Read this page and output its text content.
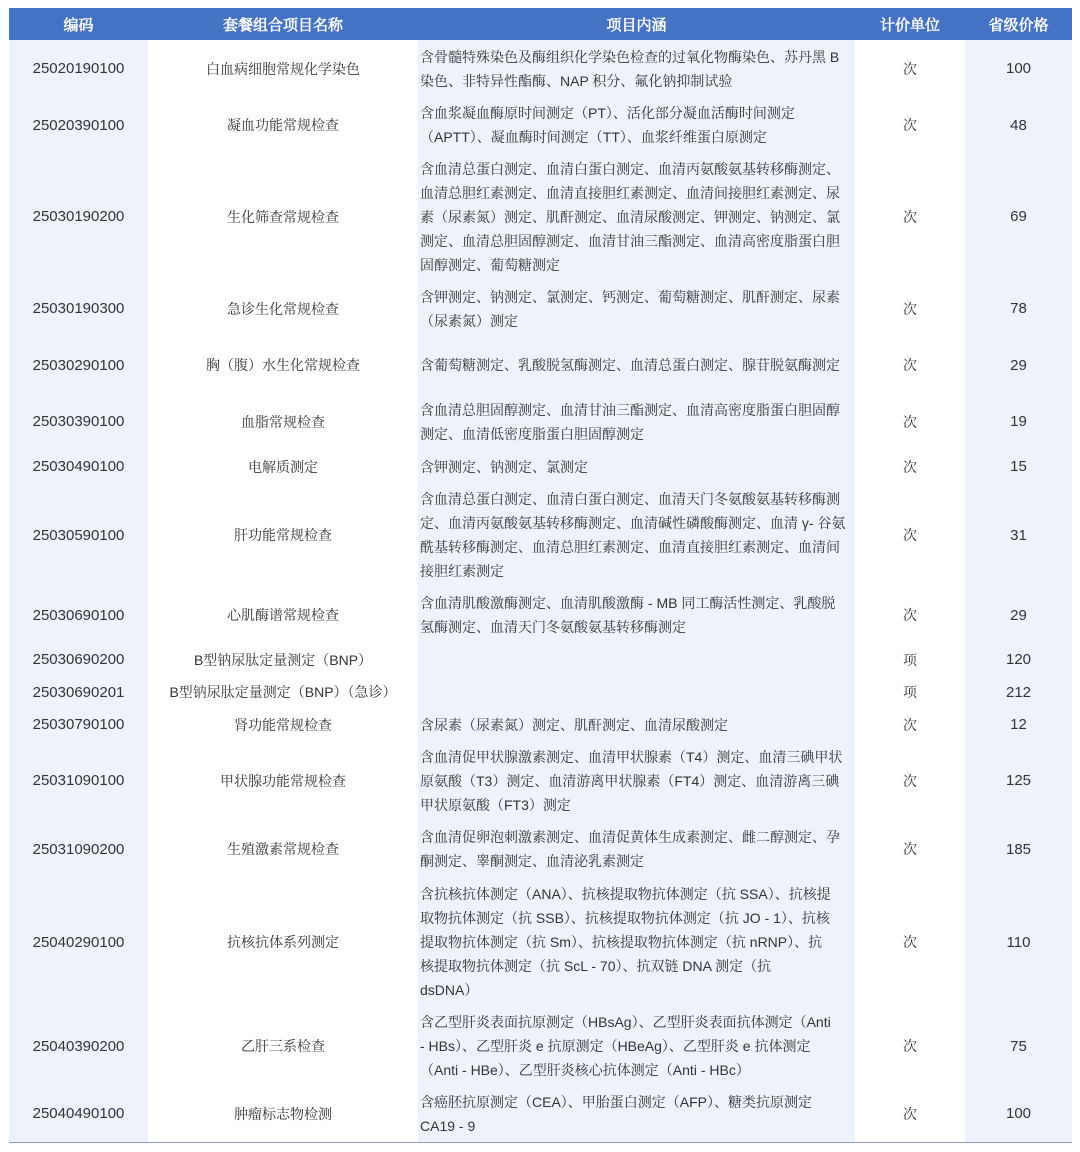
编码	套餐组合项目名称	项目内涵	计价单位	省级价格
25020190100	白血病细胞常规化学染色	含骨髓特殊染色及酶组织化学染色检查的过氧化物酶染色、苏丹黑 B
染色、非特异性酯酶、NAP 积分、氟化钠抑制试验	次	100
25020390100	凝血功能常规检查	含血浆凝血酶原时间测定（PT）、活化部分凝血活酶时间测定
（APTT）、凝血酶时间测定（TT）、血浆纤维蛋白原测定	次	48
25030190200	生化筛查常规检查	含血清总蛋白测定、血清白蛋白测定、血清丙氨酸氨基转移酶测定、
血清总胆红素测定、血清直接胆红素测定、血清间接胆红素测定、尿
素（尿素氮）测定、肌酐测定、血清尿酸测定、钾测定、钠测定、氯
测定、血清总胆固醇测定、血清甘油三酯测定、血清高密度脂蛋白胆
固醇测定、葡萄糖测定	次	69
25030190300	急诊生化常规检查	含钾测定、钠测定、氯测定、钙测定、葡萄糖测定、肌酐测定、尿素
（尿素氮）测定	次	78
25030290100	胸（腹）水生化常规检查	含葡萄糖测定、乳酸脱氢酶测定、血清总蛋白测定、腺苷脱氨酶测定	次	29
25030390100	血脂常规检查	含血清总胆固醇测定、血清甘油三酯测定、血清高密度脂蛋白胆固醇
测定、血清低密度脂蛋白胆固醇测定	次	19
25030490100	电解质测定	含钾测定、钠测定、氯测定	次	15
25030590100	肝功能常规检查	含血清总蛋白测定、血清白蛋白测定、血清天门冬氨酸氨基转移酶测
定、血清丙氨酸氨基转移酶测定、血清碱性磷酸酶测定、血清 γ- 谷氨
酰基转移酶测定、血清总胆红素测定、血清直接胆红素测定、血清间
接胆红素测定	次	31
25030690100	心肌酶谱常规检查	含血清肌酸激酶测定、血清肌酸激酶 - MB 同工酶活性测定、乳酸脱
氢酶测定、血清天门冬氨酸氨基转移酶测定	次	29
25030690200	B型钠尿肽定量测定（BNP）		项	120
25030690201	B型钠尿肽定量测定（BNP）（急诊）		项	212
25030790100	肾功能常规检查	含尿素（尿素氮）测定、肌酐测定、血清尿酸测定	次	12
25031090100	甲状腺功能常规检查	含血清促甲状腺激素测定、血清甲状腺素（T4）测定、血清三碘甲状
原氨酸（T3）测定、血清游离甲状腺素（FT4）测定、血清游离三碘
甲状原氨酸（FT3）测定	次	125
25031090200	生殖激素常规检查	含血清促卵泡刺激素测定、血清促黄体生成素测定、雌二醇测定、孕
酮测定、睾酮测定、血清泌乳素测定	次	185
25040290100	抗核抗体系列测定	含抗核抗体测定（ANA）、抗核提取物抗体测定（抗 SSA）、抗核提
取物抗体测定（抗 SSB）、抗核提取物抗体测定（抗 JO - 1）、抗核
提取物抗体测定（抗 Sm）、抗核提取物抗体测定（抗 nRNP）、抗
核提取物抗体测定（抗 ScL - 70）、抗双链 DNA 测定（抗
dsDNA）	次	110
25040390200	乙肝三系检查	含乙型肝炎表面抗原测定（HBsAg）、乙型肝炎表面抗体测定（Anti
- HBs）、乙型肝炎 e 抗原测定（HBeAg）、乙型肝炎 e 抗体测定
（Anti - HBe）、乙型肝炎核心抗体测定（Anti - HBc）	次	75
25040490100	肿瘤标志物检测	含癌胚抗原测定（CEA）、甲胎蛋白测定（AFP）、糖类抗原测定
CA19 - 9	次	100
